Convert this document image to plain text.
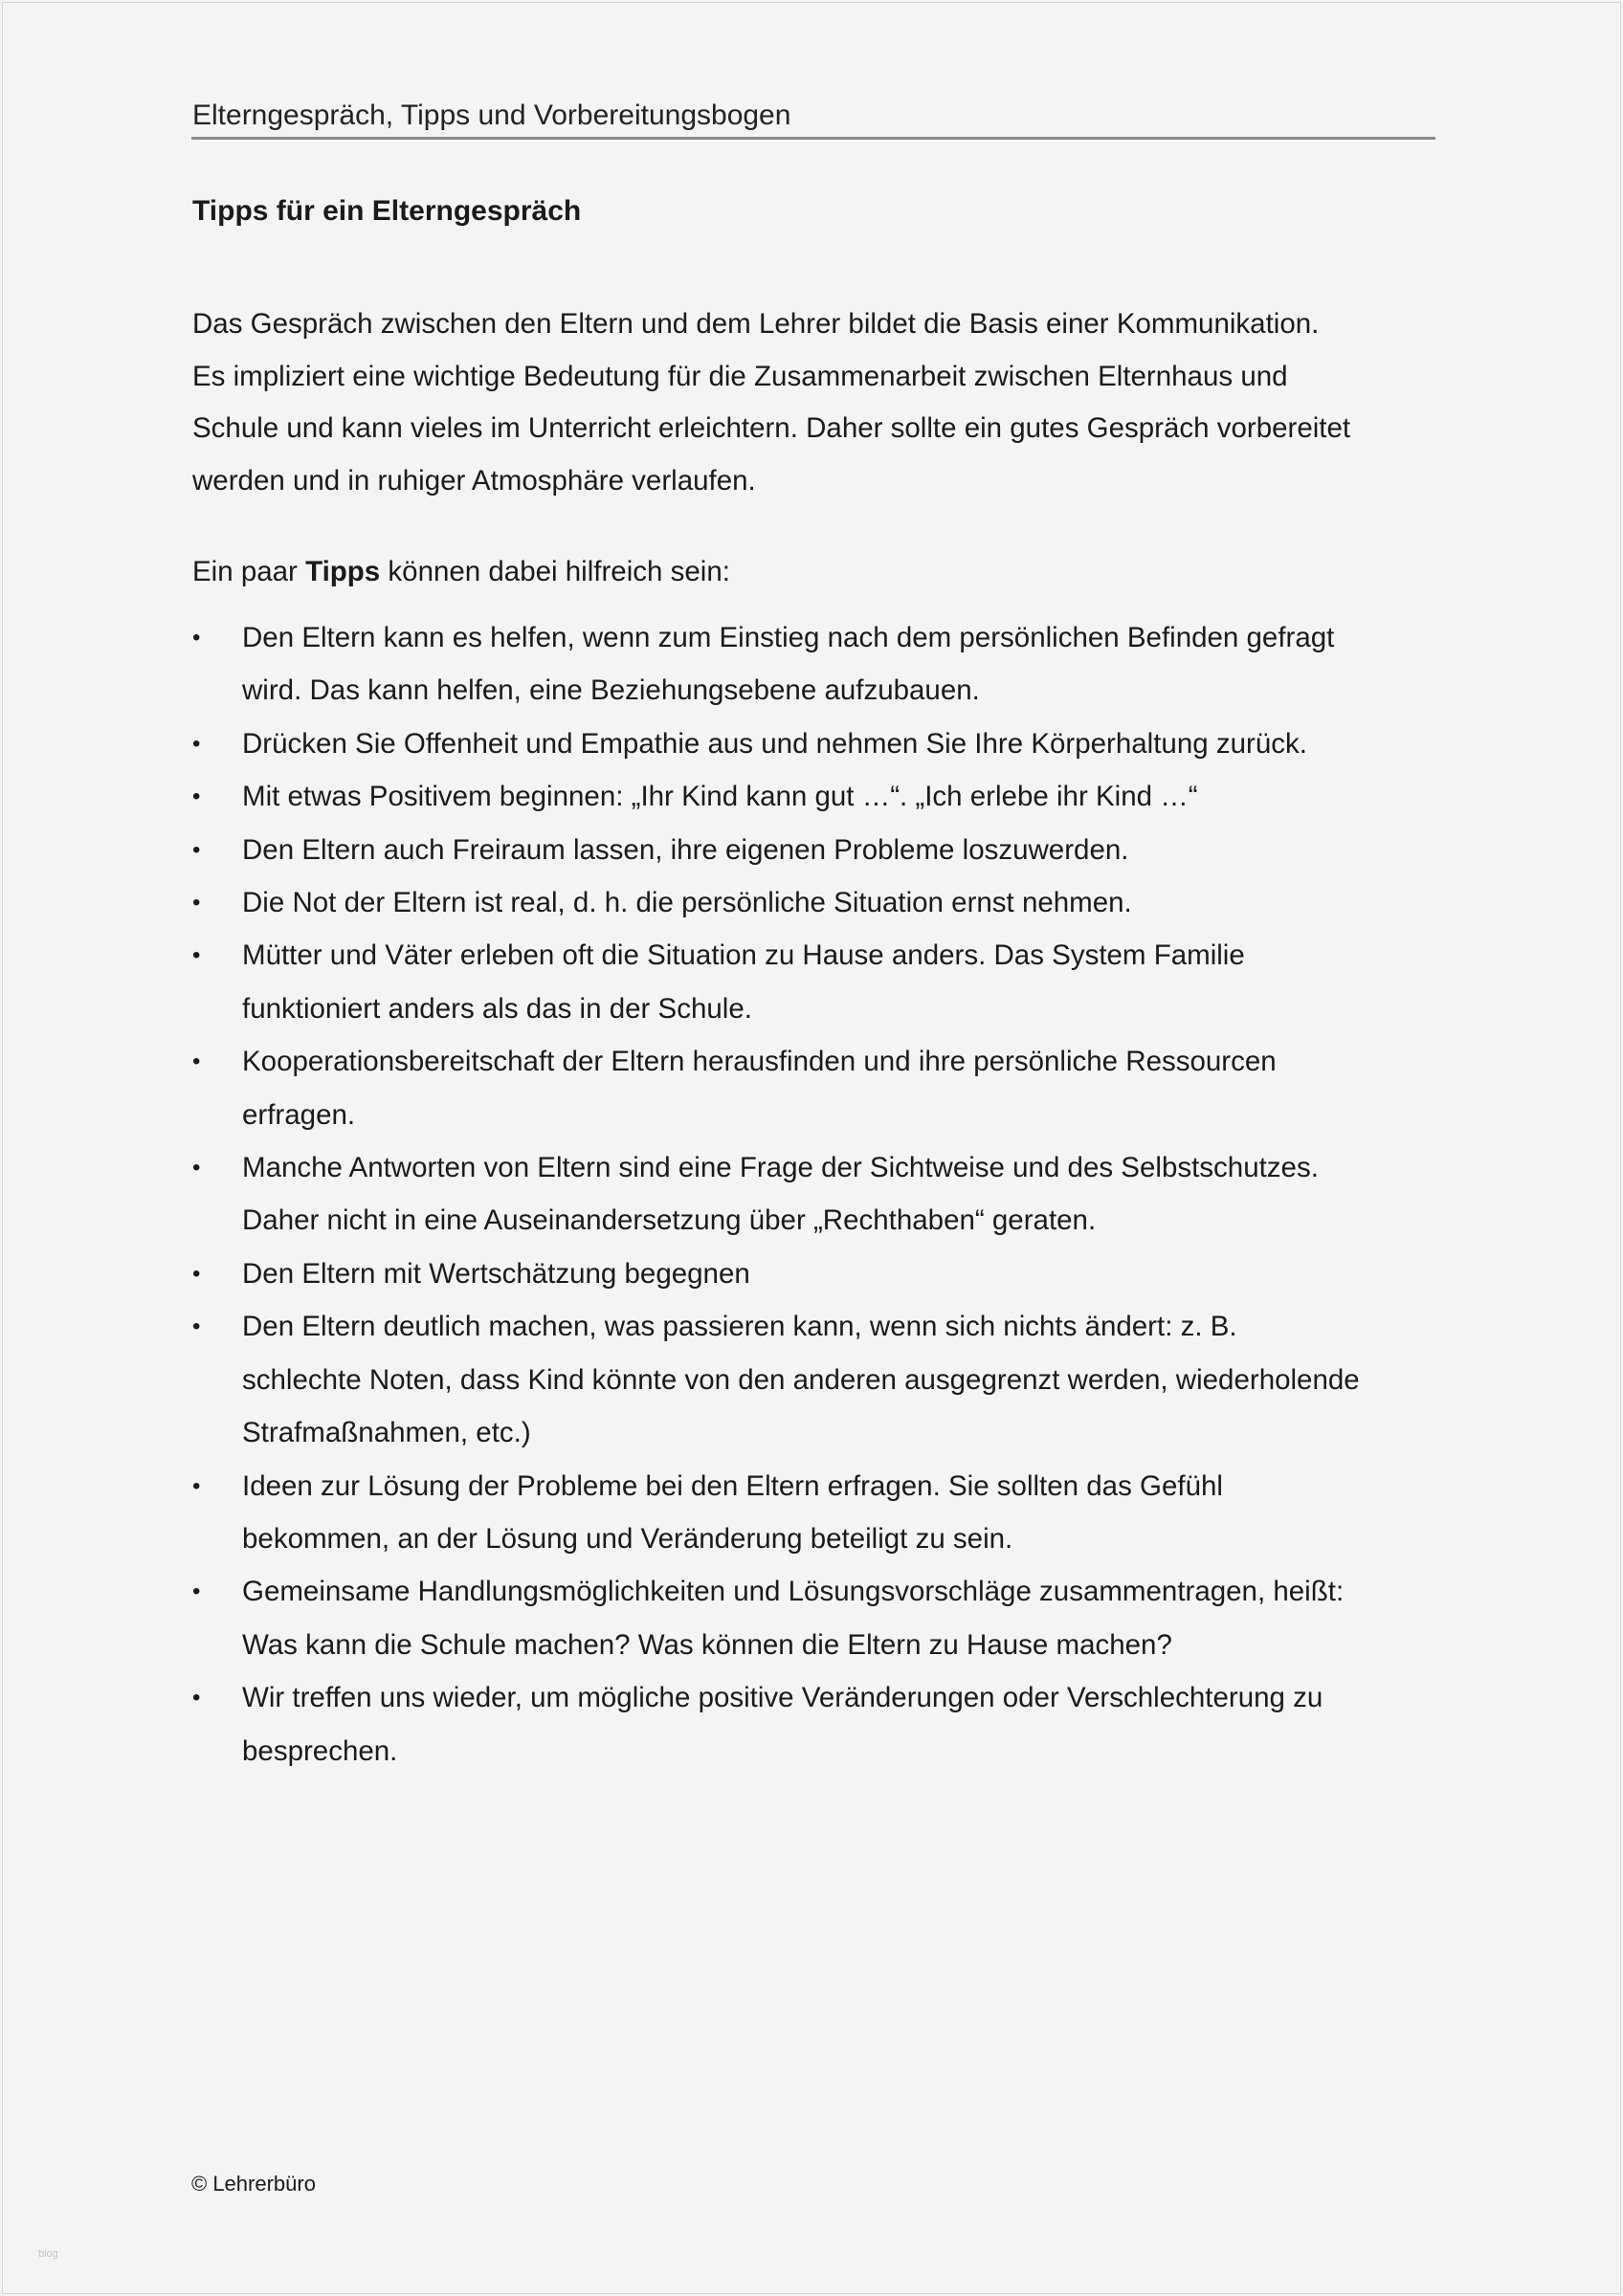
Elterngespräch, Tipps und Vorbereitungsbogen
Tipps für ein Elterngespräch
Das Gespräch zwischen den Eltern und dem Lehrer bildet die Basis einer Kommunikation.
Es impliziert eine wichtige Bedeutung für die Zusammenarbeit zwischen Elternhaus und
Schule und kann vieles im Unterricht erleichtern. Daher sollte ein gutes Gespräch vorbereitet
werden und in ruhiger Atmosphäre verlaufen.
Ein paar Tipps können dabei hilfreich sein:
• Den Eltern kann es helfen, wenn zum Einstieg nach dem persönlichen Befinden gefragt
wird. Das kann helfen, eine Beziehungsebene aufzubauen.
• Drücken Sie Offenheit und Empathie aus und nehmen Sie Ihre Körperhaltung zurück.
• Mit etwas Positivem beginnen: „Ihr Kind kann gut …“. „Ich erlebe ihr Kind …“
• Den Eltern auch Freiraum lassen, ihre eigenen Probleme loszuwerden.
• Die Not der Eltern ist real, d. h. die persönliche Situation ernst nehmen.
• Mütter und Väter erleben oft die Situation zu Hause anders. Das System Familie
funktioniert anders als das in der Schule.
• Kooperationsbereitschaft der Eltern herausfinden und ihre persönliche Ressourcen
erfragen.
• Manche Antworten von Eltern sind eine Frage der Sichtweise und des Selbstschutzes.
Daher nicht in eine Auseinandersetzung über „Rechthaben“ geraten.
• Den Eltern mit Wertschätzung begegnen
• Den Eltern deutlich machen, was passieren kann, wenn sich nichts ändert: z. B.
schlechte Noten, dass Kind könnte von den anderen ausgegrenzt werden, wiederholende
Strafmaßnahmen, etc.)
• Ideen zur Lösung der Probleme bei den Eltern erfragen. Sie sollten das Gefühl
bekommen, an der Lösung und Veränderung beteiligt zu sein.
• Gemeinsame Handlungsmöglichkeiten und Lösungsvorschläge zusammentragen, heißt:
Was kann die Schule machen? Was können die Eltern zu Hause machen?
• Wir treffen uns wieder, um mögliche positive Veränderungen oder Verschlechterung zu
besprechen.
© Lehrerbüro
blog
